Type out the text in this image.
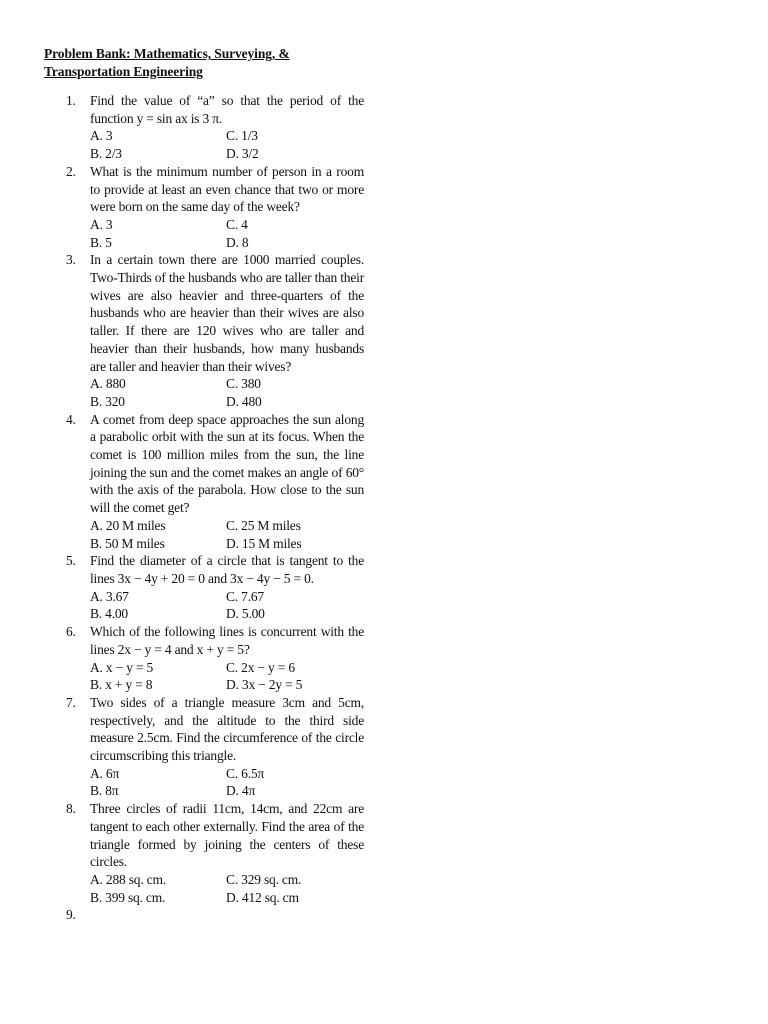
Problem Bank: Mathematics, Surveying, &
Transportation Engineering
1.	Find the value of “a” so that the period of the function y = sin ax is 3 π.
A. 3	C. 1/3
B. 2/3	D. 3/2
2.	What is the minimum number of person in a room to provide at least an even chance that two or more were born on the same day of the week?
A. 3	C. 4
B. 5	D. 8
3.	In a certain town there are 1000 married couples. Two-Thirds of the husbands who are taller than their wives are also heavier and three-quarters of the husbands who are heavier than their wives are also taller. If there are 120 wives who are taller and heavier than their husbands, how many husbands are taller and heavier than their wives?
A. 880	C. 380
B. 320	D. 480
4.	A comet from deep space approaches the sun along a parabolic orbit with the sun at its focus. When the comet is 100 million miles from the sun, the line joining the sun and the comet makes an angle of 60° with the axis of the parabola. How close to the sun will the comet get?
A. 20 M miles	C. 25 M miles
B. 50 M miles	D. 15 M miles
5.	Find the diameter of a circle that is tangent to the lines 3x − 4y + 20 = 0 and 3x − 4y − 5 = 0.
A. 3.67	C. 7.67
B. 4.00	D. 5.00
6.	Which of the following lines is concurrent with the lines 2x − y = 4 and x + y = 5?
A. x − y = 5	C. 2x − y = 6
B. x + y = 8	D. 3x − 2y = 5
7.	Two sides of a triangle measure 3cm and 5cm, respectively, and the altitude to the third side measure 2.5cm. Find the circumference of the circle circumscribing this triangle.
A. 6π	C. 6.5π
B. 8π	D. 4π
8.	Three circles of radii 11cm, 14cm, and 22cm are tangent to each other externally. Find the area of the triangle formed by joining the centers of these circles.
A. 288 sq. cm.	C. 329 sq. cm.
B. 399 sq. cm.	D. 412 sq. cm
9.
